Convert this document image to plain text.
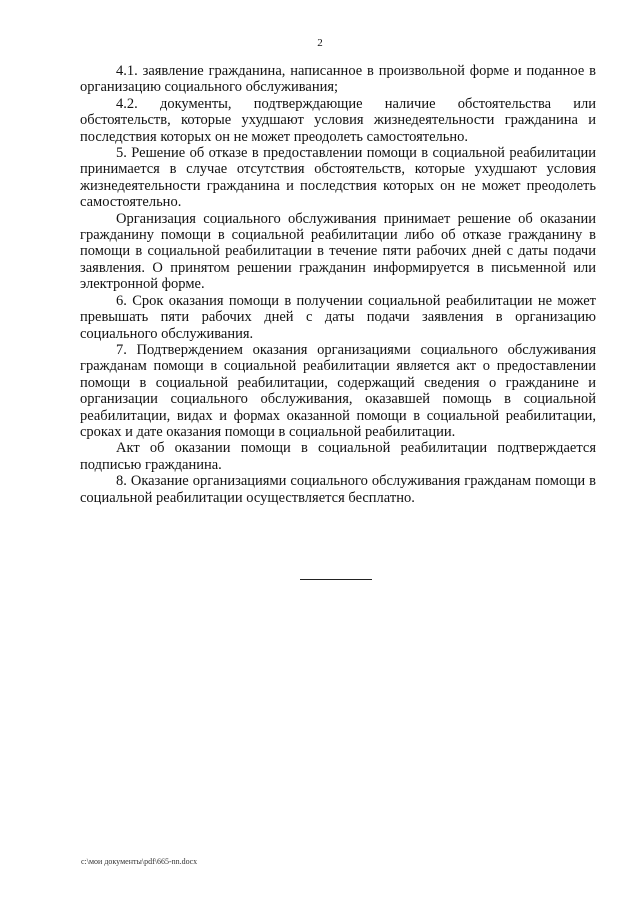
2

4.1. заявление гражданина, написанное в произвольной форме и поданное в организацию социального обслуживания;

4.2. документы, подтверждающие наличие обстоятельства или обстоятельств, которые ухудшают условия жизнедеятельности гражданина и последствия которых он не может преодолеть самостоятельно.

5. Решение об отказе в предоставлении помощи в социальной реабилитации принимается в случае отсутствия обстоятельств, которые ухудшают условия жизнедеятельности гражданина и последствия которых он не может преодолеть самостоятельно.

Организация социального обслуживания принимает решение об оказании гражданину помощи в социальной реабилитации либо об отказе гражданину в помощи в социальной реабилитации в течение пяти рабочих дней с даты подачи заявления. О принятом решении гражданин информируется в письменной или электронной форме.

6. Срок оказания помощи в получении социальной реабилитации не может превышать пяти рабочих дней с даты подачи заявления в организацию социального обслуживания.

7. Подтверждением оказания организациями социального обслуживания гражданам помощи в социальной реабилитации является акт о предоставлении помощи в социальной реабилитации, содержащий сведения о гражданине и организации социального обслуживания, оказавшей помощь в социальной реабилитации, видах и формах оказанной помощи в социальной реабилитации, сроках и дате оказания помощи в социальной реабилитации.

Акт об оказании помощи в социальной реабилитации подтверждается подписью гражданина.

8. Оказание организациями социального обслуживания гражданам помощи в социальной реабилитации осуществляется бесплатно.

c:\мои документы\pdf\665-nn.docx
